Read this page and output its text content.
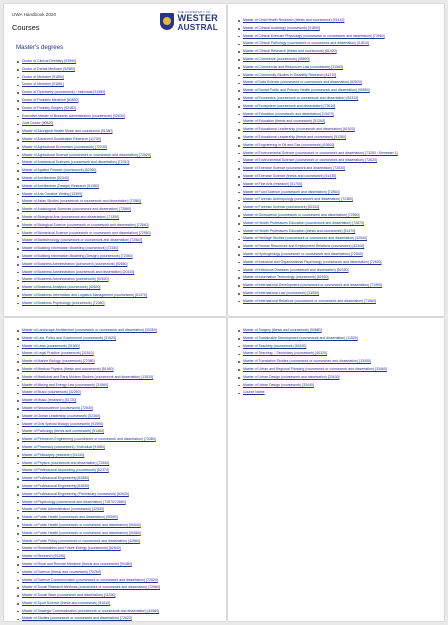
UWA Handbook 2020
Courses
THE UNIVERSITY OF
WESTER
AUSTRAL
Master's degrees
Doctor of Clinical Dentistry [93590]
Doctor of Dental Medicine [92580]
Doctor of Medicine [91850]
Doctor of Medicine [91851]
Doctor of Optometry (coursework) / Individual [91580]
Doctor of Podiatric Medicine [90830]
Doctor of Podiatry Surgery [92480]
Executive Master of Business Administration (coursework) [92630]
Juris Doctor [90820]
Master of Aboriginal Health Music and coursework [91380]
Master of Advanced Sustainable Research [41700]
Master of Agricultural Economics (coursework) [72030]
Master of Agricultural Science (coursework or coursework and dissertation) [72520]
Master of Anatomical Sciences (coursework and dissertation) [72310]
Master of Applied Finance (coursework) [62360]
Master of Architecture [52340]
Master of Architecture (Design) Research [51380]
Master of Arts Creative Writing [13390]
Master of Asian Studies (coursework or coursework and dissertation) [72580]
Master of Audiological Sciences (coursework and dissertation) [72860]
Master of Biological Arts (coursework and dissertation) [71350]
Master of Biological Science (coursework or coursework and dissertation) [72540]
Master of Biomedical Science (coursework or coursework and dissertation) [72550]
Master of Biotechnology (coursework or coursework and dissertation) [72560]
Master of Building Information Modelling (coursework) [72340]
Master of Building Information Modelling (Design) (coursework) [72350]
Master of Business Administration (Advanced) (coursework) [92660]
Master of Business Administration (coursework and dissertation) [20420]
Master of Business Administration (coursework) [92520]
Master of Business Analytics (coursework) [42620]
Master of Business Information and Logistics Management (coursework) [61370]
Master of Business Psychology (coursework) [72360]
Master of Child Health Research (thesis and coursework) [51410]
Master of Clinical Audiology (coursework) [91850]
Master of Clinical Exercise Physiology (coursework or coursework and dissertation) [73960]
Master of Clinical Pathology (coursework or coursework and dissertation) [91810]
Master of Clinical Research (thesis and coursework) [51420]
Master of Commerce (coursework) [45800]
Master of Commercial and Resources Law (coursework) [31560]
Master of Community Studies in Disability Research [41270]
Master of Data Science (coursework or coursework and dissertation) [62520]
Master of Dental Public and Primary Health (coursework and dissertation) [90550]
Master of Economics (coursework or coursework and dissertation) [62310]
Master of Ecosystem (coursework and dissertation) [72610]
Master of Education (coursework and dissertation) [13470]
Master of Education (thesis and coursework) [51260]
Master of Educational Leadership (coursework and dissertation) [61520]
Master of Educational Leadership (thesis and coursework) [51280]
Master of Engineering in Oil and Gas (coursework) [62600]
Master of Environmental Science (coursework or coursework and dissertation) [73250 / Semester 1]
Master of Environmental Science (coursework or coursework and dissertation) [72620]
Master of Exercise Science (coursework and dissertation) [72530]
Master of Exercise Science (thesis and coursework) [51430]
Master of Fine Arts (research) [51700]
Master of Food Science (coursework and dissertation) [72840]
Master of Forensic Anthropology (coursework and dissertation) [72380]
Master of Forensic Science (coursework) [52310]
Master of Geoscience (coursework or coursework and dissertation) [72550]
Master of Health Professions Education (coursework and dissertation) [72870]
Master of Health Professions Education (thesis and coursework) [51470]
Master of Heritage Studies (coursework or coursework and dissertation) [42540]
Master of Human Resources and Employment Relations (coursework) [42400]
Master of Hydrogeology (coursework or coursework and dissertation) [72840]
Master of Industrial and Organisational Psychology (coursework and dissertation) [72630]
Master of Infectious Diseases (coursework and dissertation) [52330]
Master of Information Technology (coursework) [62530]
Master of International Development (coursework or coursework and dissertation) [71990]
Master of International Law (coursework) [31550]
Master of International Relations (coursework or coursework and dissertation) [71560]
Master of Landscape Architecture (coursework or coursework and dissertation) [33350]
Master of Law, Policy and Government (coursework) [31520]
Master of Laws (coursework) [31500]
Master of Legal Practice (coursework) [31510]
Master of Marine Biology (coursework) [72380]
Master of Medical Physics (thesis and coursework) [51450]
Master of Medicinal and Early Modern Studies (coursework and dissertation) [13520]
Master of Mining and Energy Law (coursework) [31560]
Master of Music (coursework) [32250]
Master of Music (research) [51720]
Master of Neuroscience (coursework) [72530]
Master of Ocean Leadership (coursework) [52360]
Master of Oral Special Biology (coursework) [91590]
Master of Pathology (thesis and coursework) [51480]
Master of Petroleum Engineering (coursework or coursework and dissertation) [73380]
Master of Pharmacy (coursework) / Individual [91580]
Master of Philosophy (research) [91310]
Master of Physics (coursework and dissertation) [72540]
Master of Professional Accounting (coursework) [62370]
Master of Professional Engineering [62580]
Master of Professional Engineering [62590]
Master of Professional Engineering (Preliminary coursework) [62630]
Master of Psychology (coursework and dissertation) [72870/72880]
Master of Public Administration (coursework) [42530]
Master of Public Health (coursework and dissertation) [90550]
Master of Public Health (coursework or coursework and dissertation) [90540]
Master of Public Health (coursework or coursework and dissertation) [90560]
Master of Public Policy (coursework or coursework and dissertation) [42560]
Master of Renewables and Future Energy (coursework) [62640]
Master of Research [91250]
Master of Rural and Remote Medicine (thesis and coursework) [90480]
Master of Science (thesis and coursework) [70260]
Master of Science Communication (coursework or coursework and dissertation) [72520]
Master of Social Research Methods (coursework or coursework and dissertation) [72560]
Master of Social Work (coursework and dissertation) [11530]
Master of Sport Science (thesis and coursework) [51610]
Master of Strategic Communication (coursework or coursework and dissertation) [42560]
Master of Studies (coursework or coursework and dissertation) [72620]
Master of Surgery (thesis and coursework) [90680]
Master of Sustainable Development (coursework and dissertation) [11520]
Master of Teaching (coursework) [61520]
Master of Teaching – Secondary (coursework) [40320]
Master of Translation Studies (coursework or coursework and dissertation) [13450]
Master of Urban and Regional Planning (coursework or coursework and dissertation) [33460]
Master of Urban Design (coursework and dissertation) [33430]
Master of Urban Design (coursework) [33440]
Course Name
